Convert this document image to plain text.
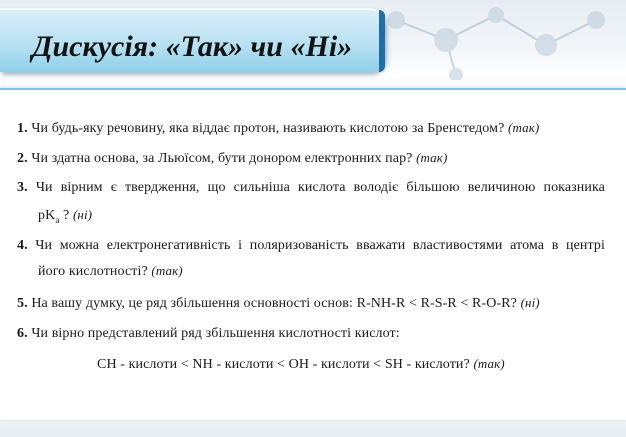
Дискусія: «Так» чи «Ні»
1. Чи будь-яку речовину, яка віддає протон, називають кислотою за Бренстедом? (так)
2. Чи здатна основа, за Льюїсом, бути донором електронних пар? (так)
3. Чи вірним є твердження, що сильніша кислота володіє більшою величиною показника
$pK_a$ ? (ні)
4. Чи можна електронегативність і поляризованість вважати властивостями атома в центрі
його кислотності? (так)
5. На вашу думку, це ряд збільшення основності основ: R-NH-R < R-S-R < R-O-R? (ні)
6. Чи вірно представлений ряд збільшення кислотності кислот:
CH - кислоти < NH - кислоти < OH - кислоти < SH - кислоти? (так)
